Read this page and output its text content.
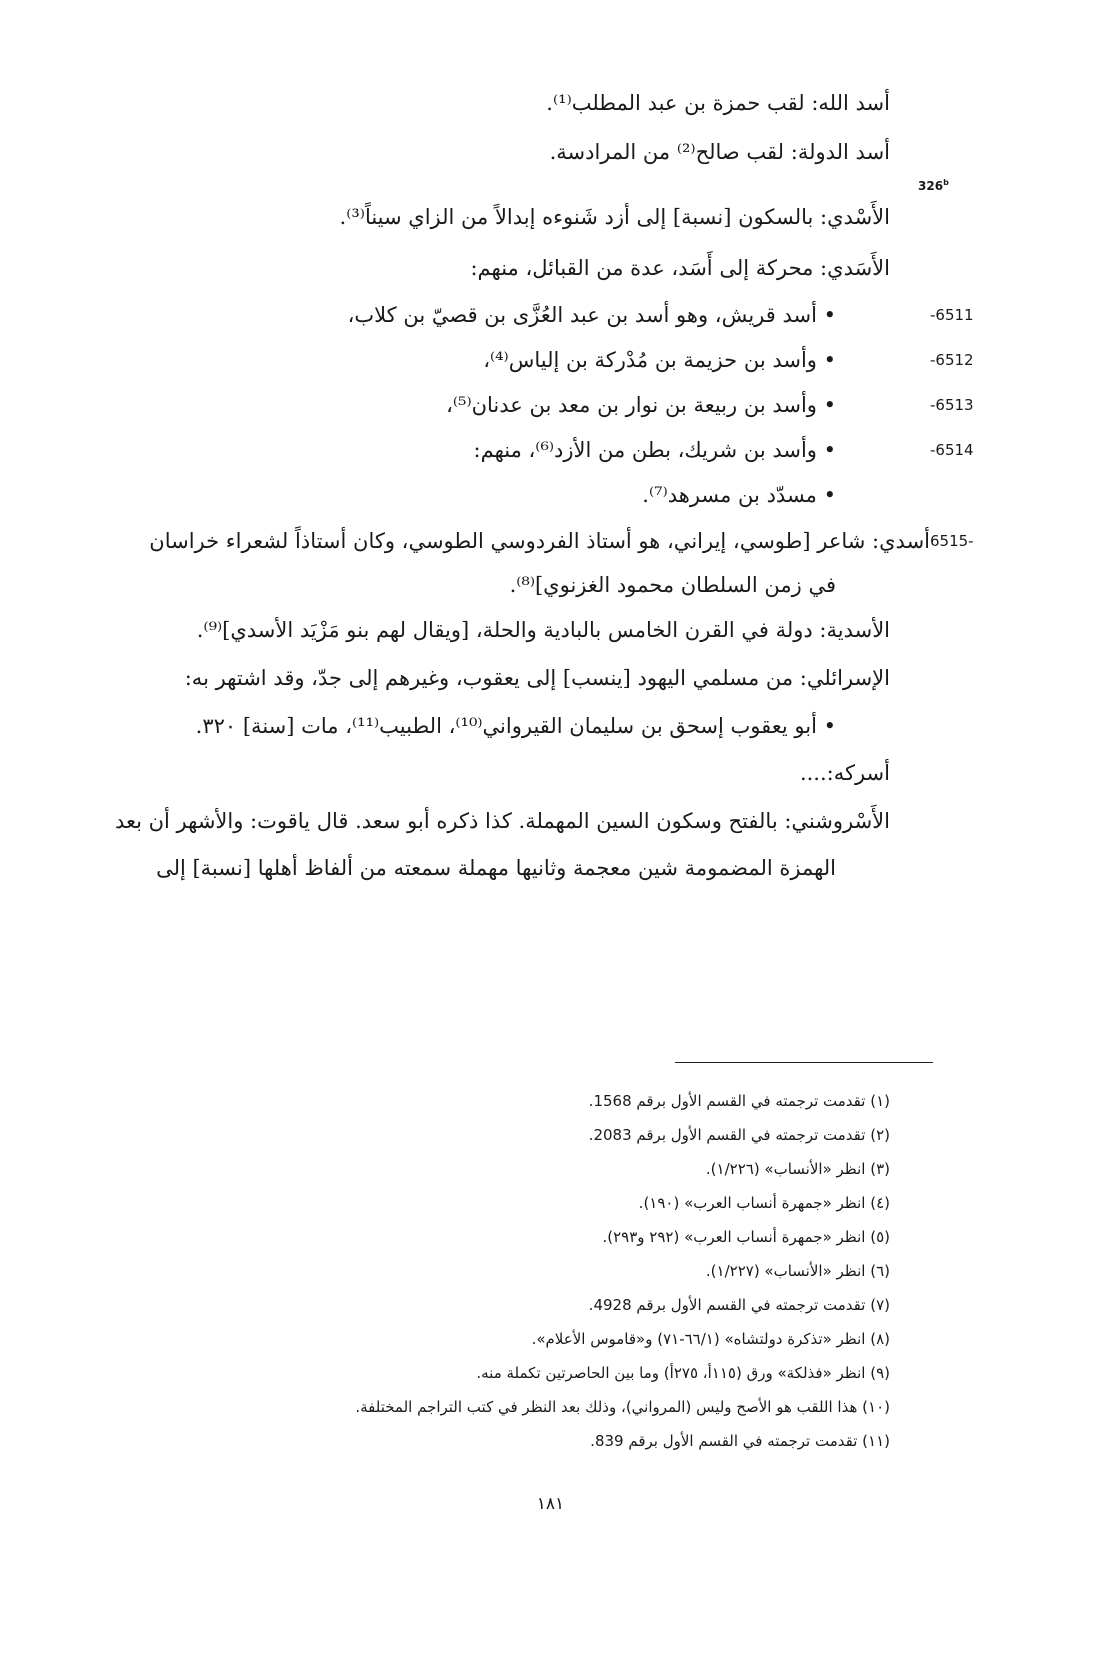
أسد الله: لقب حمزة بن عبد المطلب⁽¹⁾.

أسد الدولة: لقب صالح⁽²⁾ من المرادسة.

326$^b$

الأَسْدي: بالسكون [نسبة] إلى أزد شَنوءه إبدالاً من الزاي سيناً⁽³⁾.

الأَسَدي: محركة إلى أَسَد، عدة من القبائل، منهم:

-6511

• أسد قريش، وهو أسد بن عبد العُزَّى بن قصيّ بن كلاب،

-6512

• وأسد بن حزيمة بن مُدْركة بن إلياس⁽⁴⁾،

-6513

• وأسد بن ربيعة بن نوار بن معد بن عدنان⁽⁵⁾،

-6514

• وأسد بن شريك، بطن من الأزد⁽⁶⁾، منهم:

• مسدّد بن مسرهد⁽⁷⁾.

6515-

أسدي: شاعر [طوسي، إيراني، هو أستاذ الفردوسي الطوسي، وكان أستاذاً لشعراء خراسان

في زمن السلطان محمود الغزنوي]⁽⁸⁾.

الأسدية: دولة في القرن الخامس بالبادية والحلة، [ويقال لهم بنو مَزْيَد الأسدي]⁽⁹⁾.

الإسرائلي: من مسلمي اليهود [ينسب] إلى يعقوب، وغيرهم إلى جدّ، وقد اشتهر به:

• أبو يعقوب إسحق بن سليمان القيرواني⁽¹⁰⁾، الطبيب⁽¹¹⁾، مات [سنة] ٣٢٠.

أسركه:....

الأَسْروشني: بالفتح وسكون السين المهملة. كذا ذكره أبو سعد. قال ياقوت: والأشهر أن بعد

الهمزة المضمومة شين معجمة وثانيها مهملة سمعته من ألفاظ أهلها [نسبة] إلى

(١) تقدمت ترجمته في القسم الأول برقم 1568.

(٢) تقدمت ترجمته في القسم الأول برقم 2083.

(٣) انظر «الأنساب» (١/٢٢٦).

(٤) انظر «جمهرة أنساب العرب» (١٩٠).

(٥) انظر «جمهرة أنساب العرب» (٢٩٢ و٢٩٣).

(٦) انظر «الأنساب» (١/٢٢٧).

(٧) تقدمت ترجمته في القسم الأول برقم 4928.

(٨) انظر «تذكرة دولتشاه» (٦٦/١-٧١) و«قاموس الأعلام».

(٩) انظر «فذلكة» ورق (١١٥أ، ٢٧٥أ) وما بين الحاصرتين تكملة منه.

(١٠) هذا اللقب هو الأصح وليس (المرواني)، وذلك بعد النظر في كتب التراجم المختلفة.

(١١) تقدمت ترجمته في القسم الأول برقم 839.

١٨١
